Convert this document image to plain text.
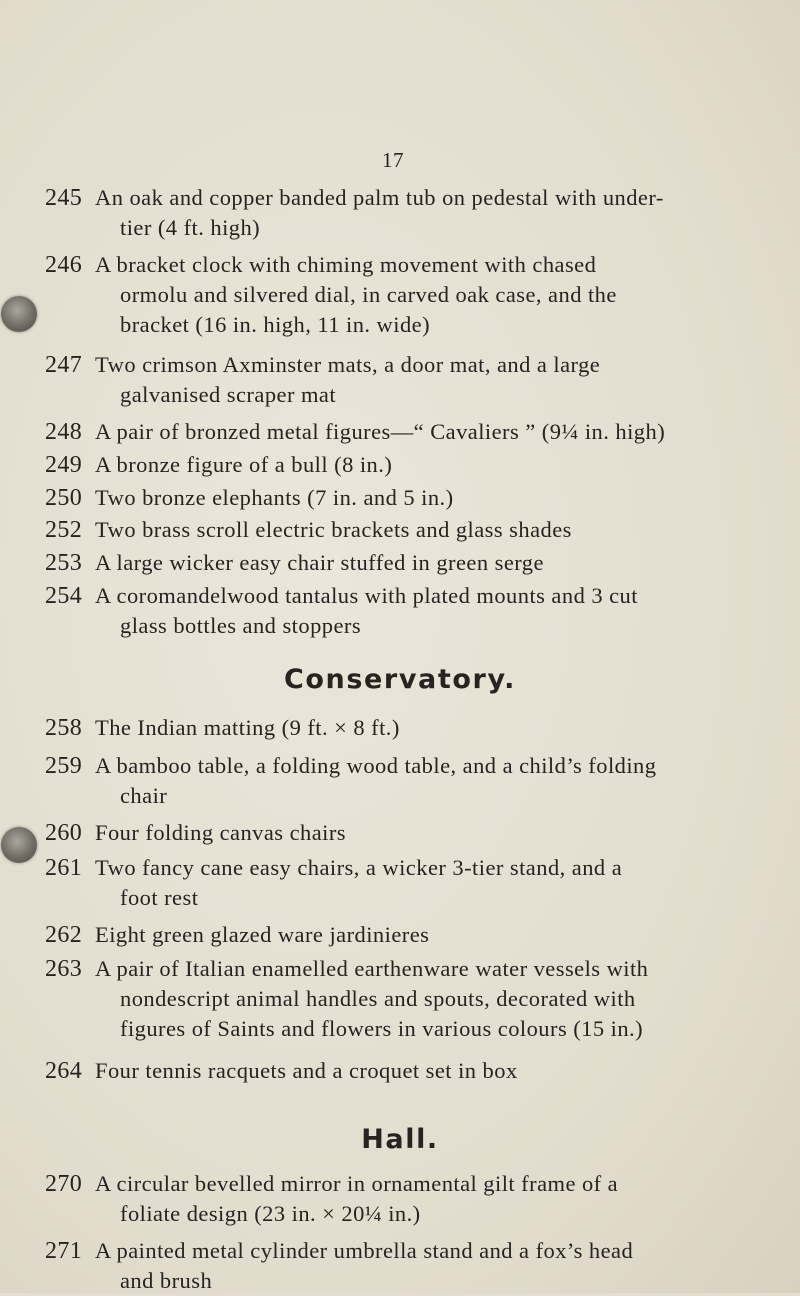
17
245 An oak and copper banded palm tub on pedestal with under-
tier (4 ft. high)
246 A bracket clock with chiming movement with chased
ormolu and silvered dial, in carved oak case, and the
bracket (16 in. high, 11 in. wide)
247 Two crimson Axminster mats, a door mat, and a large
galvanised scraper mat
248 A pair of bronzed metal figures—“ Cavaliers ” (9¼ in. high)
249 A bronze figure of a bull (8 in.)
250 Two bronze elephants (7 in. and 5 in.)
252 Two brass scroll electric brackets and glass shades
253 A large wicker easy chair stuffed in green serge
254 A coromandelwood tantalus with plated mounts and 3 cut
glass bottles and stoppers
Conservatory.
258 The Indian matting (9 ft. × 8 ft.)
259 A bamboo table, a folding wood table, and a child’s folding
chair
260 Four folding canvas chairs
261 Two fancy cane easy chairs, a wicker 3-tier stand, and a
foot rest
262 Eight green glazed ware jardinieres
263 A pair of Italian enamelled earthenware water vessels with
nondescript animal handles and spouts, decorated with
figures of Saints and flowers in various colours (15 in.)
264 Four tennis racquets and a croquet set in box
Hall.
270 A circular bevelled mirror in ornamental gilt frame of a
foliate design (23 in. × 20¼ in.)
271 A painted metal cylinder umbrella stand and a fox’s head
and brush
